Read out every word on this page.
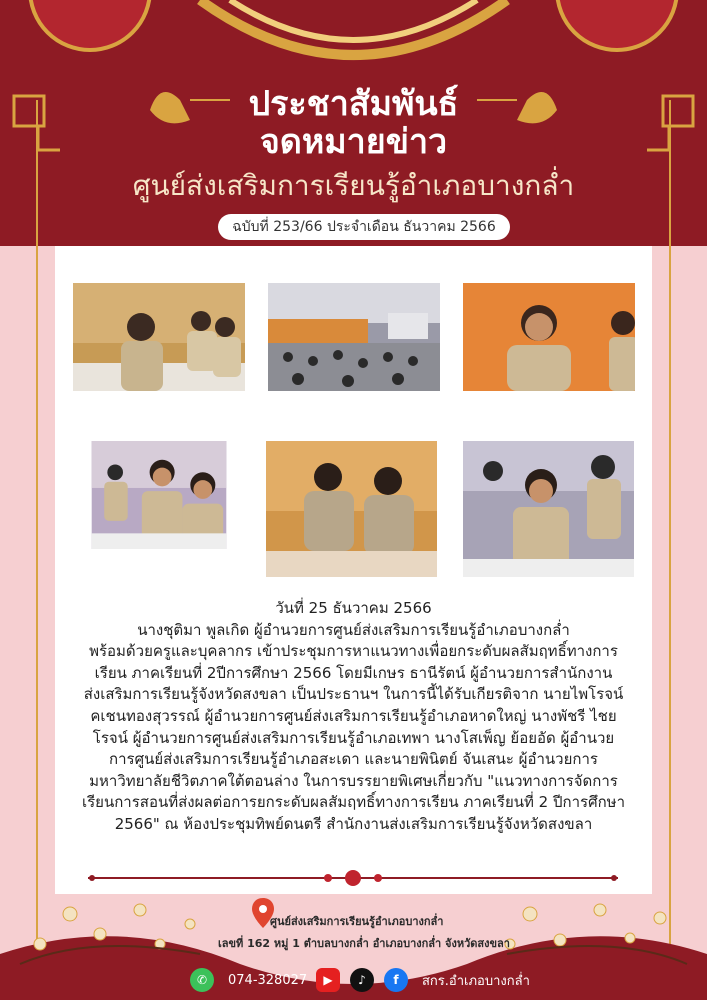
ประชาสัมพันธ์
จดหมายข่าว
ศูนย์ส่งเสริมการเรียนรู้อำเภอบางกล่ำ
ฉบับที่ 253/66 ประจำเดือน ธันวาคม 2566

วันที่ 25 ธันวาคม 2566

นางชุติมา พูลเกิด ผู้อำนวยการศูนย์ส่งเสริมการเรียนรู้อำเภอบางกล่ำ

พร้อมด้วยครูและบุคลากร เข้าประชุมการหาแนวทางเพื่อยกระดับผลสัมฤทธิ์ทางการ

เรียน ภาคเรียนที่ 2ปีการศึกษา 2566 โดยมีเกษร ธานีรัตน์ ผู้อำนวยการสำนักงาน

ส่งเสริมการเรียนรู้จังหวัดสงขลา เป็นประธานฯ ในการนี้ได้รับเกียรติจาก นายไพโรจน์

คเชนทองสุวรรณ์ ผู้อำนวยการศูนย์ส่งเสริมการเรียนรู้อำเภอหาดใหญ่ นางพัชรี ไชย

โรจน์ ผู้อำนวยการศูนย์ส่งเสริมการเรียนรู้อำเภอเทพา นางโสเพ็ญ ย้อยอัด ผู้อำนวย

การศูนย์ส่งเสริมการเรียนรู้อำเภอสะเดา และนายพินิตย์ จันเสนะ ผู้อำนวยการ

มหาวิทยาลัยชีวิตภาคใต้ตอนล่าง ในการบรรยายพิเศษเกี่ยวกับ "แนวทางการจัดการ

เรียนการสอนที่ส่งผลต่อการยกระดับผลสัมฤทธิ์ทางการเรียน ภาคเรียนที่ 2 ปีการศึกษา

2566" ณ ห้องประชุมทิพย์ดนตรี สำนักงานส่งเสริมการเรียนรู้จังหวัดสงขลา

ศูนย์ส่งเสริมการเรียนรู้อำเภอบางกล่ำ
เลขที่ 162 หมู่ 1 ตำบลบางกล่ำ อำเภอบางกล่ำ จังหวัดสงขลา
✆	074-328027	▶	♪	f	สกร.อำเภอบางกล่ำ
